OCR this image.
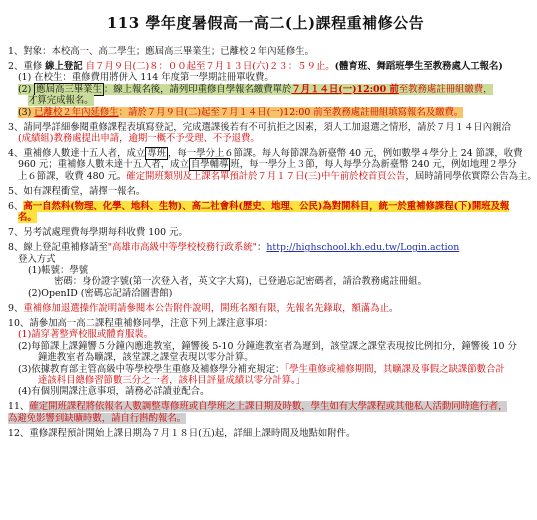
113 學年度暑假高一高二(上)課程重補修公告
1、對象：本校高一、高二學生；應屆高三畢業生；已離校２年內延修生。
2、重修 線上登記 自７月９日(二)８：００起至７月１３日(六)２３：５９止。(體育班、舞蹈班學生至教務處人工報名)
(1) 在校生：重修費用將併入 114 年度第一學期註冊單收費。
(2) 應屆高三畢業生 ：線上報名後，請列印重修自學報名繳費單於７月１４日(一)12:00 前至教務處註冊組繳費，
才算完成報名。
(3) 已離校２年內延修生：請於７月９日(二)起至７月１４日(一)12:00 前至教務處註冊組填寫報名及繳費。
3、請同學詳細參閱重修課程表填寫登記，完成選課後若有不可抗拒之因素，須人工加退選之情形，請於７月１４日內親洽
(成績組)教務處提出申請，逾期一概不予受理、不予退費。
4、重補修人數達十五人者，成立 專班 ，每一學分上６節課。每人每節課為新臺幣 40 元，例如數學４學分上 24 節課，收費
960 元；重補修人數未達十五人者，成立 自學輔導 班，每一學分上３節，每人每學分為新臺幣 240 元，例如地理２學分
上６節課，收費 480 元。確定開班類別及上課名單預計於７月１７日(三)中午前於校首頁公告，屆時請同學依實際公告為主。
5、如有課程衝堂，請擇一報名。
6、高一自然科(物理、化學、地科、生物)、高二社會科(歷史、地理、公民)為對開科目，統一於重補修課程(下)開班及報
名。
7、另考試處理費每學期每科收費 100 元。
8、線上登記重補修請至"高雄市高級中等學校校務行政系統"：http://highschool.kh.edu.tw/Login.action
登入方式
(1)帳號：學號
密碼：身份證字號(第一次登入者，英文字大寫)，已登過忘記密碼者，請洽教務處註冊組。
(2)OpenID (密碼忘記請洽圖書館)
9、重補修加退選操作說明請參閱本公告附件說明，開班名額有限，先報名先錄取，額滿為止。
10、請參加高一高二課程重補修同學，注意下列上課注意事項：
(1)請穿著整齊校服或體育服裝。
(2)每節課上課鐘響５分鐘內應進教室，鐘響後 5-10 分鐘進教室者為遲到，該堂課之課堂表現按比例扣分，鐘響後 10 分
鐘進教室者為曠課，該堂課之課堂表現以零分計算。
(3)依據教育部主管高級中等學校學生重修及補修學分補充規定：「學生重修或補修期間，其曠課及事假之缺課節數合計
達該科目總修習節數三分之一者，該科目評量成績以零分計算。」
(4)有個別開課注意事項，請務必詳讀並配合。
11、確定開班課程將依報名人數調整專修班或自學班之上課日期及時數，學生如有大學課程或其他私人活動同時進行者，
為避免影響到缺曠時數，請自行斟酌報名。
12、重修課程預計開始上課日期為７月１８日(五)起，詳細上課時間及地點如附件。
